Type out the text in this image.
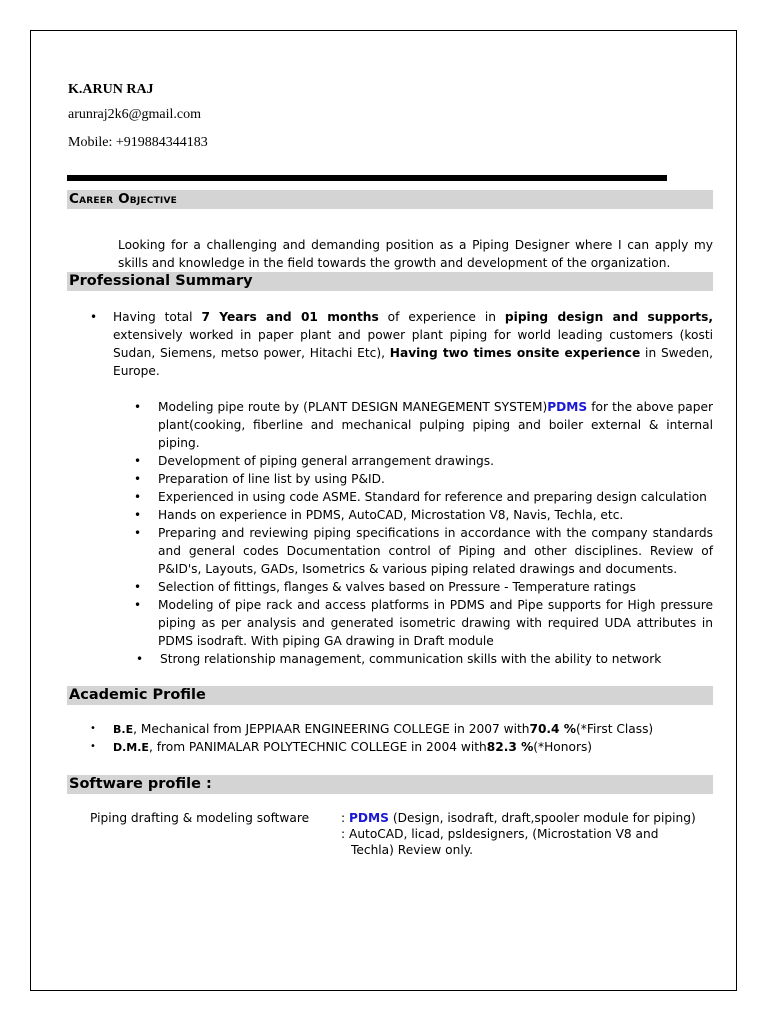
K.ARUN RAJ
arunraj2k6@gmail.com
Mobile: +919884344183
Career Objective
Looking for a challenging and demanding position as a Piping Designer where I can apply my skills and knowledge in the field towards the growth and development of the organization.
Professional Summary
• Having total 7 Years and 01 months of experience in piping design and supports, extensively worked in paper plant and power plant piping for world leading customers (kosti Sudan, Siemens, metso power, Hitachi Etc), Having two times onsite experience in Sweden, Europe.
• Modeling pipe route by (PLANT DESIGN MANEGEMENT SYSTEM)PDMS for the above paper plant(cooking, fiberline and mechanical pulping piping and boiler external & internal piping.
• Development of piping general arrangement drawings.
• Preparation of line list by using P&ID.
• Experienced in using code ASME. Standard for reference and preparing design calculation
• Hands on experience in PDMS, AutoCAD, Microstation V8, Navis, Techla, etc.
• Preparing and reviewing piping specifications in accordance with the company standards and general codes Documentation control of Piping and other disciplines. Review of P&ID's, Layouts, GADs, Isometrics & various piping related drawings and documents.
• Selection of fittings, flanges & valves based on Pressure - Temperature ratings
• Modeling of pipe rack and access platforms in PDMS and Pipe supports for High pressure piping as per analysis and generated isometric drawing with required UDA attributes in PDMS isodraft. With piping GA drawing in Draft module
• Strong relationship management, communication skills with the ability to network
Academic Profile
• B.E, Mechanical from JEPPIAAR ENGINEERING COLLEGE in 2007 with70.4 %(*First Class)
• D.M.E, from PANIMALAR POLYTECHNIC COLLEGE in 2004 with82.3 %(*Honors)
Software profile :
Piping drafting & modeling software	: PDMS (Design, isodraft, draft,spooler module for piping)
: AutoCAD, licad, psldesigners, (Microstation V8 and
Techla) Review only.
